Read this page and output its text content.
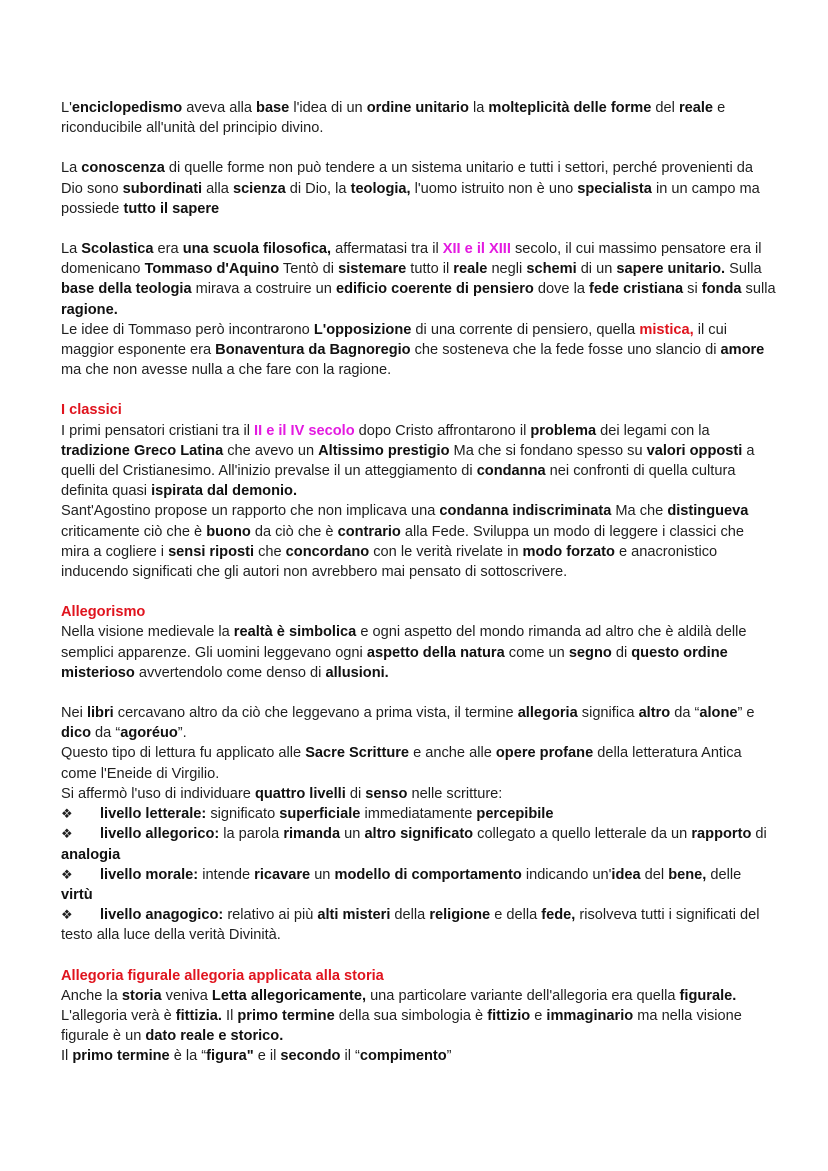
L'enciclopedismo aveva alla base l'idea di un ordine unitario la molteplicità delle forme del reale e riconducibile all'unità del principio divino.

La conoscenza di quelle forme non può tendere a un sistema unitario e tutti i settori, perché provenienti da Dio sono subordinati alla scienza di Dio, la teologia, l'uomo istruito non è uno specialista in un campo ma possiede tutto il sapere

La Scolastica era una scuola filosofica, affermatasi tra il XII e il XIII secolo, il cui massimo pensatore era il domenicano Tommaso d'Aquino Tentò di sistemare tutto il reale negli schemi di un sapere unitario. Sulla base della teologia mirava a costruire un edificio coerente di pensiero dove la fede cristiana si fonda sulla ragione.

Le idee di Tommaso però incontrarono L'opposizione di una corrente di pensiero, quella mistica, il cui maggior esponente era Bonaventura da Bagnoregio che sosteneva che la fede fosse uno slancio di amore ma che non avesse nulla a che fare con la ragione.

I classici

I primi pensatori cristiani tra il II e il IV secolo dopo Cristo affrontarono il problema dei legami con la tradizione Greco Latina che avevo un Altissimo prestigio Ma che si fondano spesso su valori opposti a quelli del Cristianesimo. All'inizio prevalse il un atteggiamento di condanna nei confronti di quella cultura definita quasi ispirata dal demonio.

Sant'Agostino propose un rapporto che non implicava una condanna indiscriminata Ma che distingueva criticamente ciò che è buono da ciò che è contrario alla Fede. Sviluppa un modo di leggere i classici che mira a cogliere i sensi riposti che concordano con le verità rivelate in modo forzato e anacronistico inducendo significati che gli autori non avrebbero mai pensato di sottoscrivere.

Allegorismo

Nella visione medievale la realtà è simbolica e ogni aspetto del mondo rimanda ad altro che è aldilà delle semplici apparenze. Gli uomini leggevano ogni aspetto della natura come un segno di questo ordine misterioso avvertendolo come denso di allusioni.

Nei libri cercavano altro da ciò che leggevano a prima vista, il termine allegoria significa altro da “alone” e dico da “agoréuo”.

Questo tipo di lettura fu applicato alle Sacre Scritture e anche alle opere profane della letteratura Antica come l'Eneide di Virgilio.

Si affermò l'uso di individuare quattro livelli di senso nelle scritture:

❖ livello letterale: significato superficiale immediatamente percepibile

❖ livello allegorico: la parola rimanda un altro significato collegato a quello letterale da un rapporto di analogia

❖ livello morale: intende ricavare un modello di comportamento indicando un'idea del bene, delle virtù

❖ livello anagogico: relativo ai più alti misteri della religione e della fede, risolveva tutti i significati del testo alla luce della verità Divinità.

Allegoria figurale allegoria applicata alla storia

Anche la storia veniva Letta allegoricamente, una particolare variante dell'allegoria era quella figurale.

L'allegoria verà è fittizia. Il primo termine della sua simbologia è fittizio e immaginario ma nella visione figurale è un dato reale e storico.

Il primo termine è la “figura" e il secondo il “compimento”
